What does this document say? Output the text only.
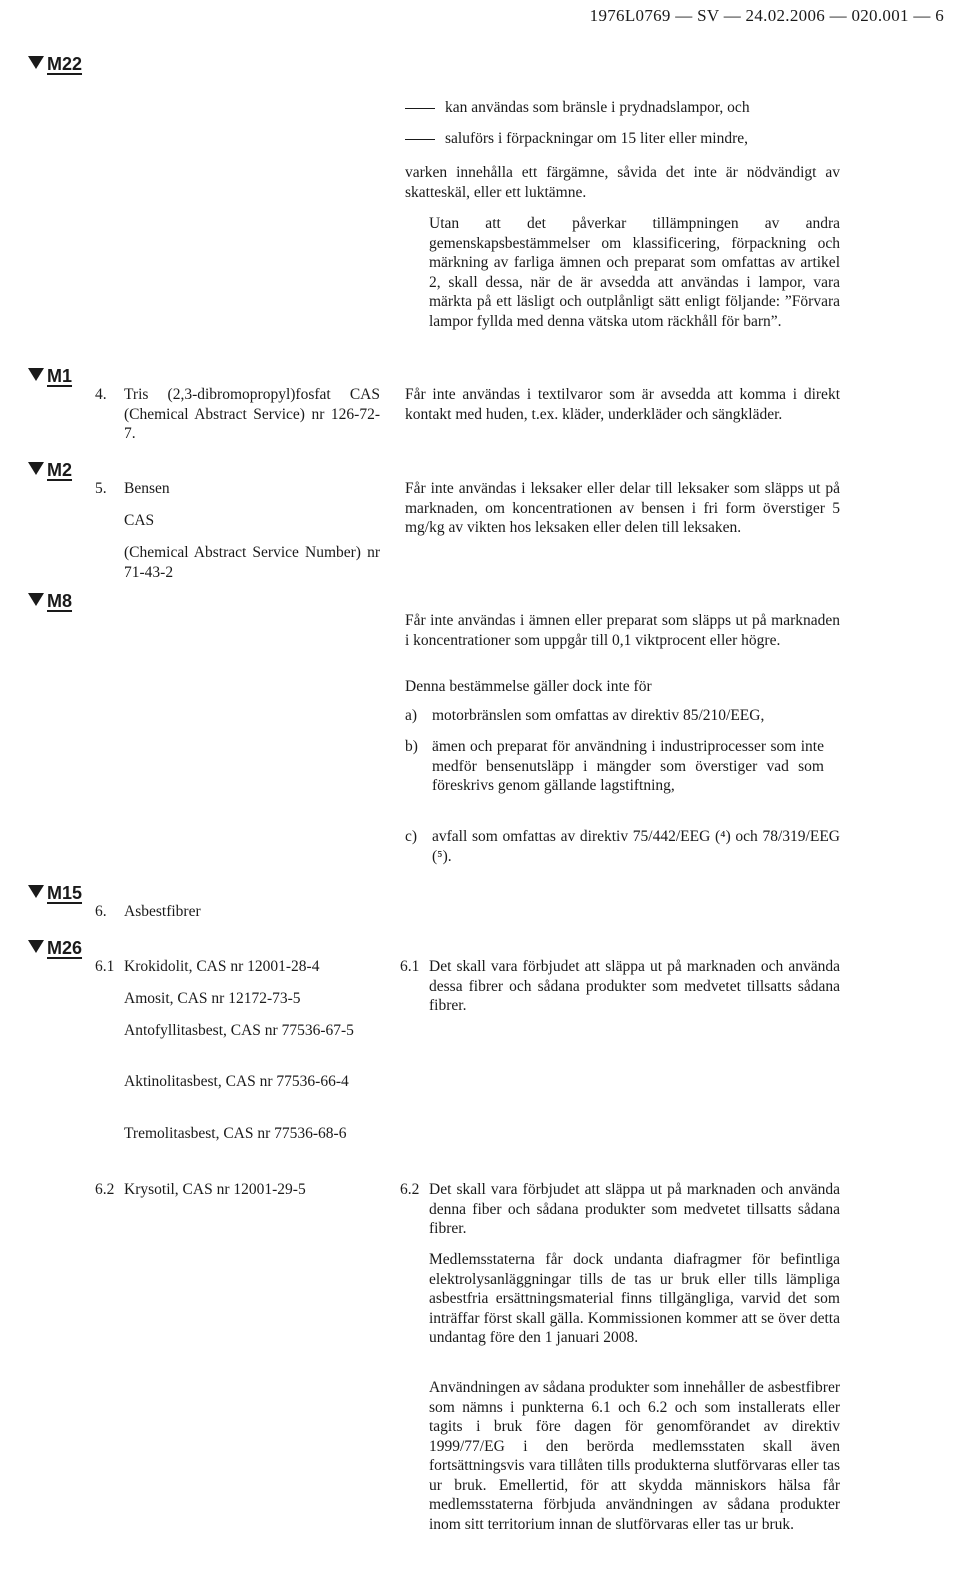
1976L0769 — SV — 24.02.2006 — 020.001 — 6
M22
M1
M2
M8
M15
M26
kan användas som bränsle i prydnadslampor, och
saluförs i förpackningar om 15 liter eller mindre,
varken innehålla ett färgämne, såvida det inte är nödvändigt av skatteskäl, eller ett luktämne.
Utan att det påverkar tillämpningen av andra gemenskapsbestämmelser om klassificering, förpackning och märkning av farliga ämnen och preparat som omfattas av artikel 2, skall dessa, när de är avsedda att användas i lampor, vara märkta på ett läsligt och outplånligt sätt enligt följande: ”Förvara lampor fyllda med denna vätska utom räckhåll för barn”.
4. Tris (2,3-dibromopropyl)fosfat CAS (Chemical Abstract Service) nr 126-72-7.
Får inte användas i textilvaror som är avsedda att komma i direkt kontakt med huden, t.ex. kläder, underkläder och sängkläder.
5. Bensen
CAS
(Chemical Abstract Service Number) nr 71-43-2
Får inte användas i leksaker eller delar till leksaker som släpps ut på marknaden, om koncentrationen av bensen i fri form överstiger 5 mg/kg av vikten hos leksaken eller delen till leksaken.
Får inte användas i ämnen eller preparat som släpps ut på marknaden i koncentrationer som uppgår till 0,1 viktprocent eller högre.
Denna bestämmelse gäller dock inte för
a) motorbränslen som omfattas av direktiv 85/210/EEG,
b) ämen och preparat för användning i industriprocesser som inte medför bensenutsläpp i mängder som överstiger vad som föreskrivs genom gällande lagstiftning,
c) avfall som omfattas av direktiv 75/442/EEG (⁴) och 78/319/EEG (⁵).
6. Asbestfibrer
6.1 Krokidolit, CAS nr 12001-28-4
Amosit, CAS nr 12172-73-5
Antofyllitasbest, CAS nr 77536-67-5
Aktinolitasbest, CAS nr 77536-66-4
Tremolitasbest, CAS nr 77536-68-6
6.1 Det skall vara förbjudet att släppa ut på marknaden och använda dessa fibrer och sådana produkter som medvetet tillsatts sådana fibrer.
6.2 Krysotil, CAS nr 12001-29-5	6.2 Det skall vara förbjudet att släppa ut på marknaden och använda denna fiber och sådana produkter som medvetet tillsatts sådana fibrer.
Medlemsstaterna får dock undanta diafragmer för befintliga elektrolysanläggningar tills de tas ur bruk eller tills lämpliga asbestfria ersättningsmaterial finns tillgängliga, varvid det som inträffar först skall gälla. Kommissionen kommer att se över detta undantag före den 1 januari 2008.
Användningen av sådana produkter som innehåller de asbestfibrer som nämns i punkterna 6.1 och 6.2 och som installerats eller tagits i bruk före dagen för genomförandet av direktiv 1999/77/EG i den berörda medlemsstaten skall även fortsättningsvis vara tillåten tills produkterna slutförvaras eller tas ur bruk. Emellertid, för att skydda människors hälsa får medlemsstaterna förbjuda användningen av sådana produkter inom sitt territorium innan de slutförvaras eller tas ur bruk.
